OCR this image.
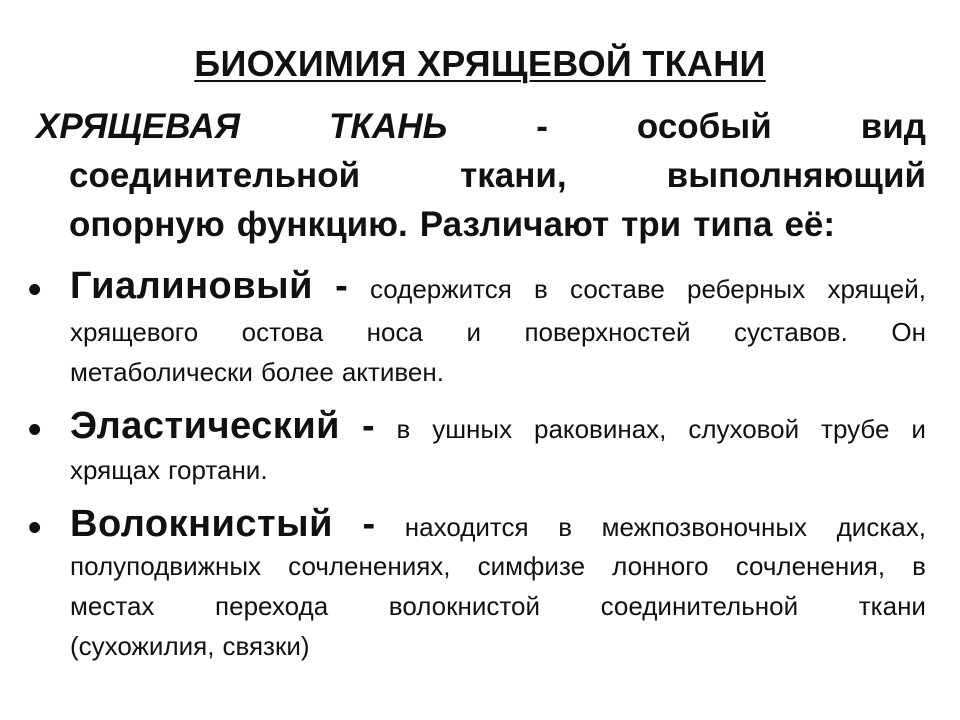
БИОХИМИЯ ХРЯЩЕВОЙ ТКАНИ
ХРЯЩЕВАЯ	ТКАНЬ	-	особый	вид
соединительной	ткани,	выполняющий
опорную функцию. Различают три типа её:
• Гиалиновый - содержится в составе реберных хрящей,
хрящевого остова носа и поверхностей суставов. Он
метаболически более активен.
• Эластический - в ушных раковинах, слуховой трубе и
хрящах гортани.
• Волокнистый - находится в межпозвоночных дисках,
полуподвижных сочленениях, симфизе лонного сочленения, в
местах перехода волокнистой соединительной ткани
(сухожилия, связки)
